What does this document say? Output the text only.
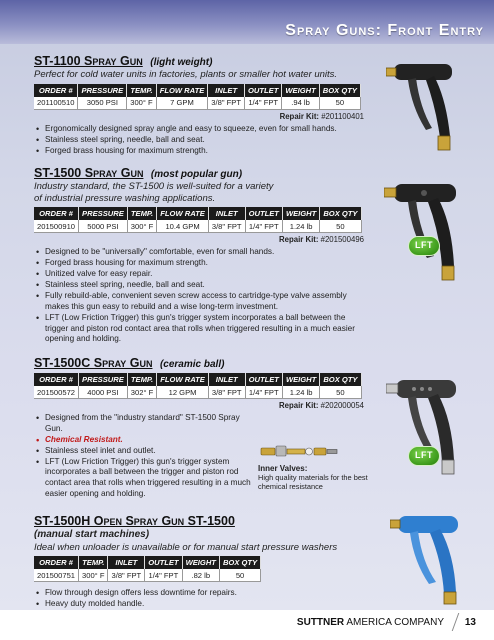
Spray Guns: Front Entry
ST-1100 Spray Gun (light weight)
Perfect for cold water units in factories, plants or smaller hot water units.
ORDER #	PRESSURE	TEMP.	FLOW RATE	INLET	OUTLET	WEIGHT	BOX QTY
201100510	3050 PSI	300° F	7 GPM	3/8" FPT	1/4" FPT	.94 lb	50
Repair Kit: #201100401
• Ergonomically designed spray angle and easy to squeeze, even for small hands.
• Stainless steel spring, needle, ball and seat.
• Forged brass housing for maximum strength.
ST-1500 Spray Gun (most popular gun)
Industry standard, the ST-1500 is well-suited for a variety of industrial pressure washing applications.
ORDER #	PRESSURE	TEMP.	FLOW RATE	INLET	OUTLET	WEIGHT	BOX QTY
201500910	5000 PSI	300° F	10.4 GPM	3/8" FPT	1/4" FPT	1.24 lb	50
Repair Kit: #201500496
• Designed to be "universally" comfortable, even for small hands.
• Forged brass housing for maximum strength.
• Unitized valve for easy repair.
• Stainless steel spring, needle, ball and seat.
• Fully rebuild-able, convenient seven screw access to cartridge-type valve assembly makes this gun easy to rebuild and a wise long-term investment.
• LFT (Low Friction Trigger) this gun's trigger system incorporates a ball between the trigger and piston rod contact area that rolls when triggered resulting in a much easier opening and holding.
ST-1500C Spray Gun (ceramic ball)
ORDER #	PRESSURE	TEMP.	FLOW RATE	INLET	OUTLET	WEIGHT	BOX QTY
201500572	4000 PSI	302° F	12 GPM	3/8" FPT	1/4" FPT	1.24 lb	50
Repair Kit: #202000054
• Designed from the "industry standard" ST-1500 Spray Gun.
• Chemical Resistant.
• Stainless steel inlet and outlet.
• LFT (Low Friction Trigger) this gun's trigger system incorporates a ball between the trigger and piston rod contact area that rolls when triggered resulting in a much easier opening and holding.
Inner Valves:
High quality materials for the best chemical resistance
ST-1500H Open Spray Gun ST-1500
(manual start machines)
Ideal when unloader is unavailable or for manual start pressure washers
ORDER #	TEMP.	INLET	OUTLET	WEIGHT	BOX QTY
201500751	300° F	3/8" FPT	1/4" FPT	.82 lb	50
• Flow through design offers less downtime for repairs.
• Heavy duty molded handle.
•
LFT
LFT
SUTTNER AMERICA COMPANY 13
